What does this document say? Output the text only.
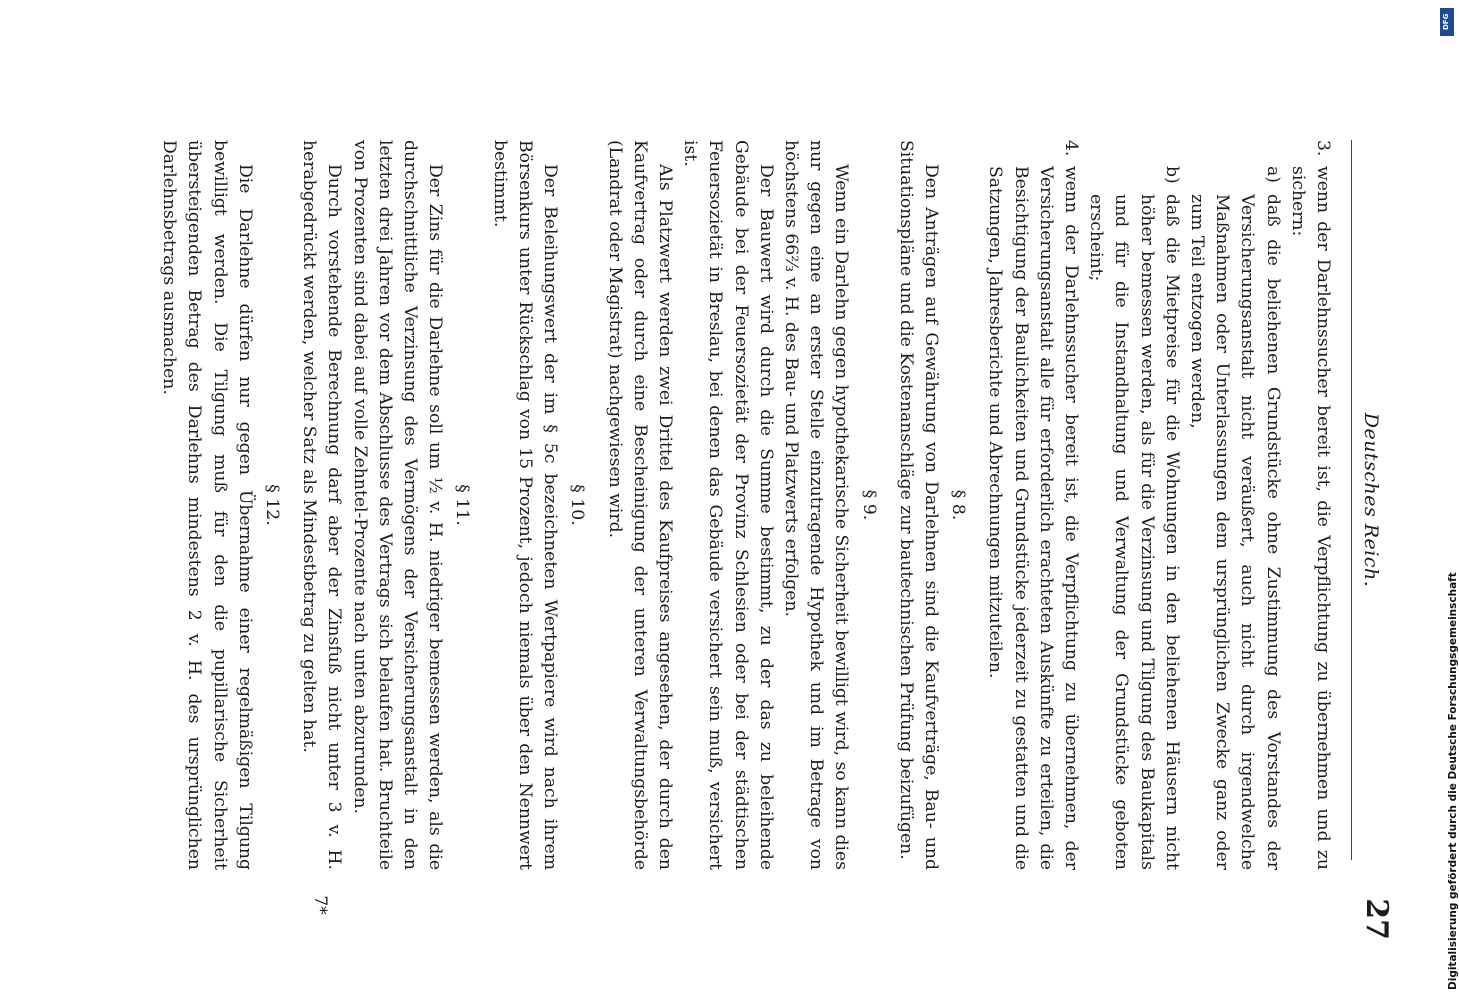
Deutsches Reich.
27
3.

wenn der Darlehnssucher bereit ist, die Verpflichtung zu übernehmen und zu sichern:

a)

daß die beliehenen Grundstücke ohne Zustimmung des Vorstandes der Versicherungsanstalt nicht veräußert, auch nicht durch irgendwelche Maßnahmen oder Unterlassungen dem ursprünglichen Zwecke ganz oder zum Teil entzogen werden,

b)

daß die Mietpreise für die Wohnungen in den beliehenen Häusern nicht höher bemessen werden, als für die Verzinsung und Tilgung des Baukapitals und für die Instandhaltung und Verwaltung der Grundstücke geboten erscheint;

4.

wenn der Darlehnssucher bereit ist, die Verpflichtung zu übernehmen, der Versicherungsanstalt alle für erforderlich erachteten Auskünfte zu erteilen, die Besichtigung der Baulichkeiten und Grundstücke jederzeit zu gestatten und die Satzungen, Jahresberichte und Abrechnungen mitzuteilen.

§ 8.

Den Anträgen auf Gewährung von Darlehnen sind die Kaufverträge, Bau- und Situationspläne und die Kostenanschläge zur bautechnischen Prüfung beizufügen.

§ 9.

Wenn ein Darlehn gegen hypothekarische Sicherheit bewilligt wird, so kann dies nur gegen eine an erster Stelle einzutragende Hypothek und im Betrage von höchstens 66⅔ v. H. des Bau- und Platzwerts erfolgen.

Der Bauwert wird durch die Summe bestimmt, zu der das zu beleihende Gebäude bei der Feuersozietät der Provinz Schlesien oder bei der städtischen Feuersozietät in Breslau, bei denen das Gebäude versichert sein muß, versichert ist.

Als Platzwert werden zwei Drittel des Kaufpreises angesehen, der durch den Kaufvertrag oder durch eine Bescheinigung der unteren Verwaltungsbehörde (Landrat oder Magistrat) nachgewiesen wird.

§ 10.

Der Beleihungswert der im § 5c bezeichneten Wertpapiere wird nach ihrem Börsenkurs unter Rückschlag von 15 Prozent, jedoch niemals über den Nennwert bestimmt.

§ 11.

Der Zins für die Darlehne soll um ½ v. H. niedriger bemessen werden, als die durchschnittliche Verzinsung des Vermögens der Versicherungsanstalt in den letzten drei Jahren vor dem Abschlusse des Vertrags sich belaufen hat. Bruchteile von Prozenten sind dabei auf volle Zehntel-Prozente nach unten abzurunden.

Durch vorstehende Berechnung darf aber der Zinsfuß nicht unter 3 v. H. herabgedrückt werden, welcher Satz als Mindestbetrag zu gelten hat.

§ 12.

Die Darlehne dürfen nur gegen Übernahme einer regelmäßigen Tilgung bewilligt werden. Die Tilgung muß für den die pupillarische Sicherheit übersteigenden Betrag des Darlehns mindestens 2 v. H. des ursprünglichen Darlehnsbetrags ausmachen.

7*
DFG
Digitalisierung gefördert durch die Deutsche Forschungsgemeinschaft
